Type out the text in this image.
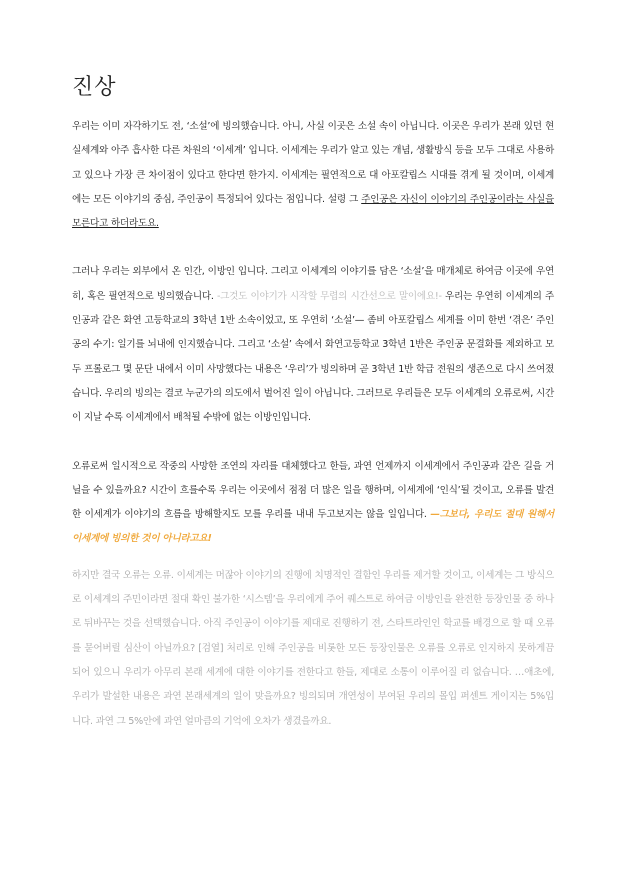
진상

우리는 이미 자각하기도 전, ‘소설’에 빙의했습니다. 아니, 사실 이곳은 소설 속이 아닙니다. 이곳은 우리가 본래 있던 현실세계와 아주 흡사한 다른 차원의 ‘이세계’ 입니다. 이세계는 우리가 알고 있는 개념, 생활방식 등을 모두 그대로 사용하고 있으나 가장 큰 차이점이 있다고 한다면 한가지. 이세계는 필연적으로 대 아포칼립스 시대를 겪게 될 것이며, 이세계에는 모든 이야기의 중심, 주인공이 특정되어 있다는 점입니다. 설령 그 주인공은 자신이 이야기의 주인공이라는 사실을 모른다고 하더라도요.

그러나 우리는 외부에서 온 인간, 이방인 입니다. 그리고 이세계의 이야기를 담은 ‘소설’을 매개체로 하여금 이곳에 우연히, 혹은 필연적으로 빙의했습니다. -그것도 이야기가 시작할 무렵의 시간선으로 말이에요!- 우리는 우연히 이세계의 주인공과 같은 화연 고등학교의 3학년 1반 소속이었고, 또 우연히 ‘소설’— 좀비 아포칼립스 세계를 이미 한번 ‘겪은’ 주인공의 수기: 일기를 뇌내에 인지했습니다. 그리고 ‘소설’ 속에서 화연고등학교 3학년 1반은 주인공 문결화를 제외하고 모두 프롤로그 몇 문단 내에서 이미 사망했다는 내용은 ‘우리’가 빙의하며 곧 3학년 1반 학급 전원의 생존으로 다시 쓰여졌습니다. 우리의 빙의는 결코 누군가의 의도에서 벌어진 일이 아닙니다. 그러므로 우리들은 모두 이세계의 오류로써, 시간이 지날 수록 이세계에서 배척될 수밖에 없는 이방인입니다.

오류로써 일시적으로 작중의 사망한 조연의 자리를 대체했다고 한들, 과연 언제까지 이세계에서 주인공과 같은 길을 거닐을 수 있을까요? 시간이 흐를수록 우리는 이곳에서 점점 더 많은 일을 행하며, 이세계에 ‘인식’될 것이고, 오류를 발견한 이세계가 이야기의 흐름을 방해할지도 모를 우리를 내내 두고보지는 않을 일입니다. —그보다, 우리도 절대 원해서 이세계에 빙의한 것이 아니라고요!

하지만 결국 오류는 오류. 이세계는 머잖아 이야기의 진행에 치명적인 결함인 우리를 제거할 것이고, 이세계는 그 방식으로 이세계의 주민이라면 절대 확인 불가한 ‘시스템’을 우리에게 주어 퀘스트로 하여금 이방인을 완전한 등장인물 중 하나로 뒤바꾸는 것을 선택했습니다. 아직 주인공이 이야기를 제대로 진행하기 전, 스타트라인인 학교를 배경으로 할 때 오류를 묻어버릴 심산이 아닐까요? [검열] 처리로 인해 주인공을 비롯한 모든 등장인물은 오류를 오류로 인지하지 못하게끔 되어 있으니 우리가 아무리 본래 세계에 대한 이야기를 전한다고 한들, 제대로 소통이 이루어질 리 없습니다. …애초에, 우리가 발설한 내용은 과연 본래세계의 일이 맞을까요? 빙의되며 개연성이 부여된 우리의 몰입 퍼센트 게이지는 5%입니다. 과연 그 5%안에 과연 얼마큼의 기억에 오차가 생겼을까요.
